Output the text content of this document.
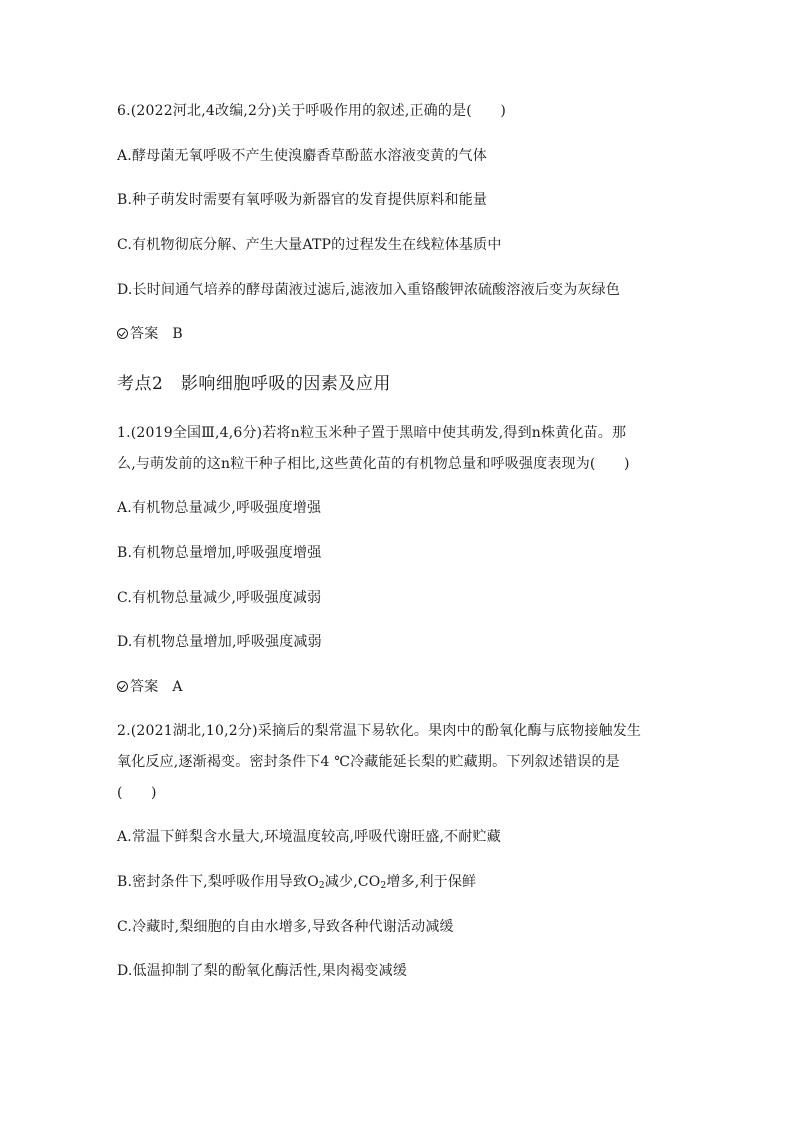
6.(2022河北,4改编,2分)关于呼吸作用的叙述,正确的是(　　)
A.酵母菌无氧呼吸不产生使溴麝香草酚蓝水溶液变黄的气体
B.种子萌发时需要有氧呼吸为新器官的发育提供原料和能量
C.有机物彻底分解、产生大量ATP的过程发生在线粒体基质中
D.长时间通气培养的酵母菌液过滤后,滤液加入重铬酸钾浓硫酸溶液后变为灰绿色
答案 B
考点2　影响细胞呼吸的因素及应用
1.(2019全国Ⅲ,4,6分)若将n粒玉米种子置于黑暗中使其萌发,得到n株黄化苗。那
么,与萌发前的这n粒干种子相比,这些黄化苗的有机物总量和呼吸强度表现为(　　)
A.有机物总量减少,呼吸强度增强
B.有机物总量增加,呼吸强度增强
C.有机物总量减少,呼吸强度减弱
D.有机物总量增加,呼吸强度减弱
答案 A
2.(2021湖北,10,2分)采摘后的梨常温下易软化。果肉中的酚氧化酶与底物接触发生
氧化反应,逐渐褐变。密封条件下4 ℃冷藏能延长梨的贮藏期。下列叙述错误的是
(　　)
A.常温下鲜梨含水量大,环境温度较高,呼吸代谢旺盛,不耐贮藏
B.密封条件下,梨呼吸作用导致$O_2$减少$,CO_2$增多,利于保鲜
C.冷藏时,梨细胞的自由水增多,导致各种代谢活动减缓
D.低温抑制了梨的酚氧化酶活性,果肉褐变减缓
